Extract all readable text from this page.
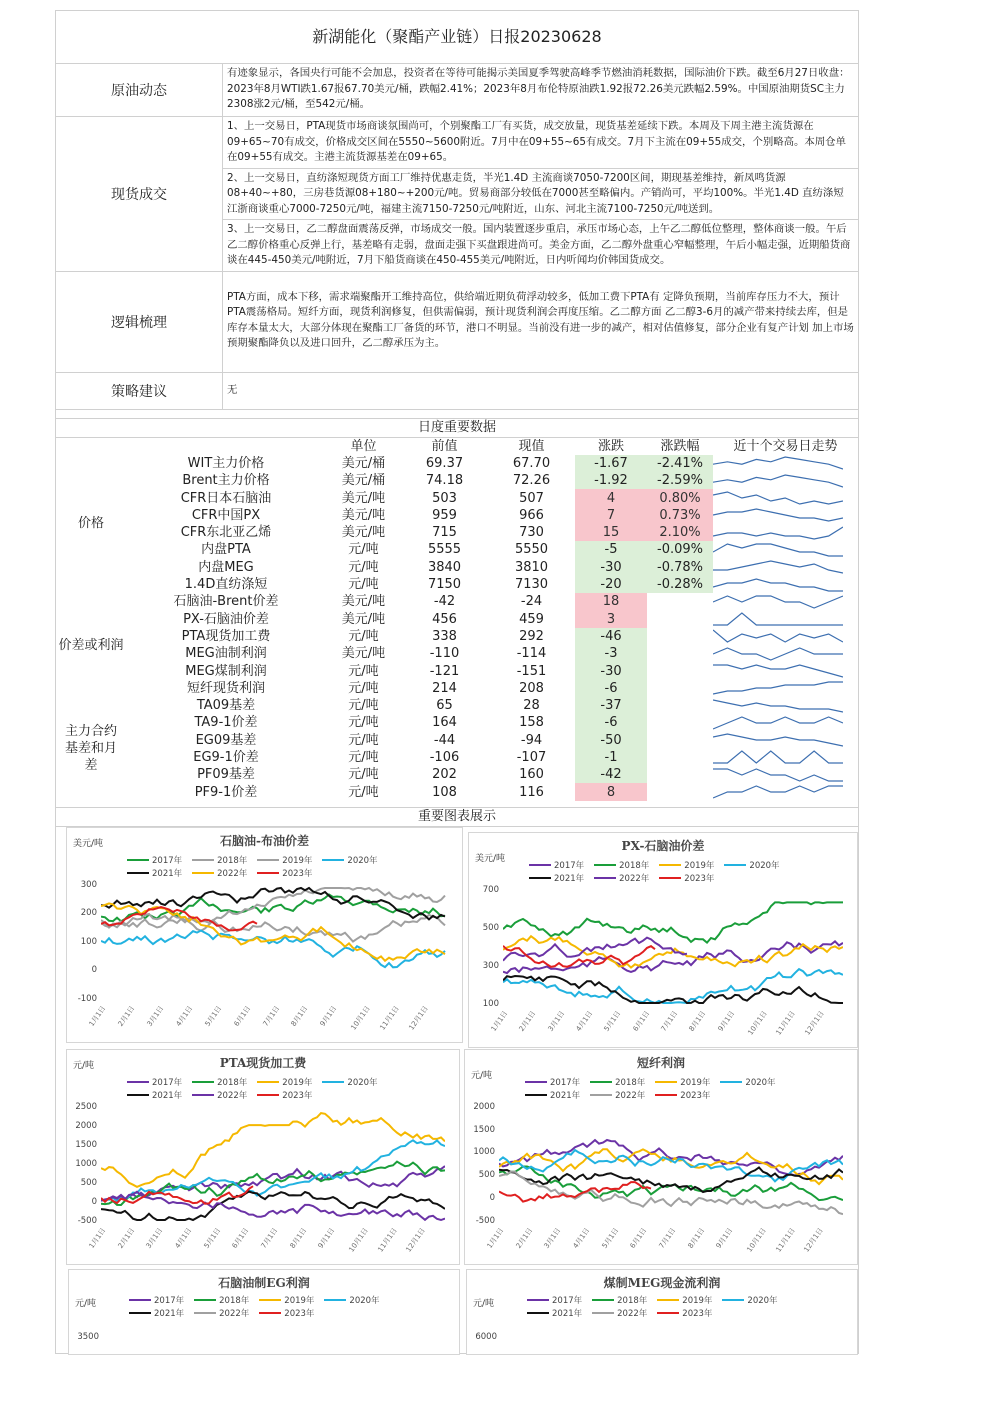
新湖能化（聚酯产业链）日报20230628
原油动态
有迹象显示，各国央行可能不会加息，投资者在等待可能揭示美国夏季驾驶高峰季节燃油消耗数据，国际油价下跌。截至6月27日收盘：2023年8月WTI跌1.67报67.70美元/桶，跌幅2.41%；2023年8月布伦特原油跌1.92报72.26美元跌幅2.59%。中国原油期货SC主力2308涨2元/桶，至542元/桶。
现货成交
1、上一交易日，PTA现货市场商谈氛围尚可，个别聚酯工厂有买货，成交放量，现货基差延续下跌。本周及下周主港主流货源在09+65~70有成交，价格成交区间在5550~5600附近。7月中在09+55~65有成交。7月下主流在09+55成交，个别略高。本周仓单在09+55有成交。主港主流货源基差在09+65。
2、上一交易日，直纺涤短现货方面工厂维持优惠走货，半光1.4D 主流商谈7050-7200区间，期现基差维持，新凤鸣货源08+40~+80，三房巷货源08+180~+200元/吨。贸易商部分较低在7000甚至略偏内。产销尚可，平均100%。半光1.4D 直纺涤短江浙商谈重心7000-7250元/吨，福建主流7150-7250元/吨附近，山东、河北主流7100-7250元/吨送到。
3、上一交易日，乙二醇盘面震荡反弹，市场成交一般。国内装置逐步重启，承压市场心态，上午乙二醇低位整理，整体商谈一般。午后乙二醇价格重心反弹上行，基差略有走弱，盘面走强下买盘跟进尚可。美金方面，乙二醇外盘重心窄幅整理，午后小幅走强，近期船货商谈在445-450美元/吨附近，7月下船货商谈在450-455美元/吨附近，日内听闻均价韩国货成交。
逻辑梳理
PTA方面，成本下移，需求端聚酯开工维持高位，供给端近期负荷浮动较多，低加工费下PTA有 定降负预期，当前库存压力不大，预计PTA震荡格局。短纤方面，现货利润修复，但供需偏弱，预计现货利润会再度压缩。乙二醇方面 乙二醇3-6月的减产带来持续去库，但是库存本量太大，大部分体现在聚酯工厂备货的环节，港口不明显。当前没有进一步的减产，相对估值修复，部分企业有复产计划 加上市场预期聚酯降负以及进口回升，乙二醇承压为主。
策略建议	无
日度重要数据
		单位	前值	现值	涨跌	涨跌幅	近十个交易日走势
价格	WIT主力价格	美元/桶	69.37	67.70	-1.67	-2.41%	

	Brent主力价格	美元/桶	74.18	72.26	-1.92	-2.59%	

	CFR日本石脑油	美元/吨	503	507	4	0.80%	

	CFR中国PX	美元/吨	959	966	7	0.73%	

	CFR东北亚乙烯	美元/吨	715	730	15	2.10%	

	内盘PTA	元/吨	5555	5550	-5	-0.09%	

	内盘MEG	元/吨	3840	3810	-30	-0.78%	

	1.4D直纺涤短	元/吨	7150	7130	-20	-0.28%	

价差或利润	石脑油-Brent价差	美元/吨	-42	-24	18		

	PX-石脑油价差	美元/吨	456	459	3		

	PTA现货加工费	元/吨	338	292	-46		

	MEG油制利润	美元/吨	-110	-114	-3		

	MEG煤制利润	元/吨	-121	-151	-30		

	短纤现货利润	元/吨	214	208	-6		

主力合约基差和月差	TA09基差	元/吨	65	28	-37		

	TA9-1价差	元/吨	164	158	-6		

	EG09基差	元/吨	-44	-94	-50		

	EG9-1价差	元/吨	-106	-107	-1		

	PF09基差	元/吨	202	160	-42		

	PF9-1价差	元/吨	108	116	8		
重要图表展示
石脑油-布油价差
美元/吨
2017年	2018年	2019年	2020年
2021年	2022年	2023年
300
200
100
0
-100
1月1日 2月1日 3月1日 4月1日 5月1日 6月1日 7月1日 8月1日 9月1日 10月1日 11月1日 12月1日
PX-石脑油价差
美元/吨
2017年	2018年	2019年	2020年
2021年	2022年	2023年
700
500
300
100
1月1日 2月1日 3月1日 4月1日 5月1日 6月1日 7月1日 8月1日 9月1日 10月1日 11月1日 12月1日
PTA现货加工费
元/吨
2017年	2018年	2019年	2020年
2021年	2022年	2023年
2500
2000
1500
1000
500
0
-500
1月1日 2月1日 3月1日 4月1日 5月1日 6月1日 7月1日 8月1日 9月1日 10月1日 11月1日 12月1日
短纤利润
元/吨
2017年	2018年	2019年	2020年
2021年	2022年	2023年
2000
1500
1000
500
0
-500
1月1日 2月1日 3月1日 4月1日 5月1日 6月1日 7月1日 8月1日 9月1日 10月1日 11月1日 12月1日
石脑油制EG利润
元/吨	2017年	2018年	2019年	2020年
2021年	2022年	2023年
3500
煤制MEG现金流利润
元/吨	2017年	2018年	2019年	2020年
2021年	2022年	2023年
6000
